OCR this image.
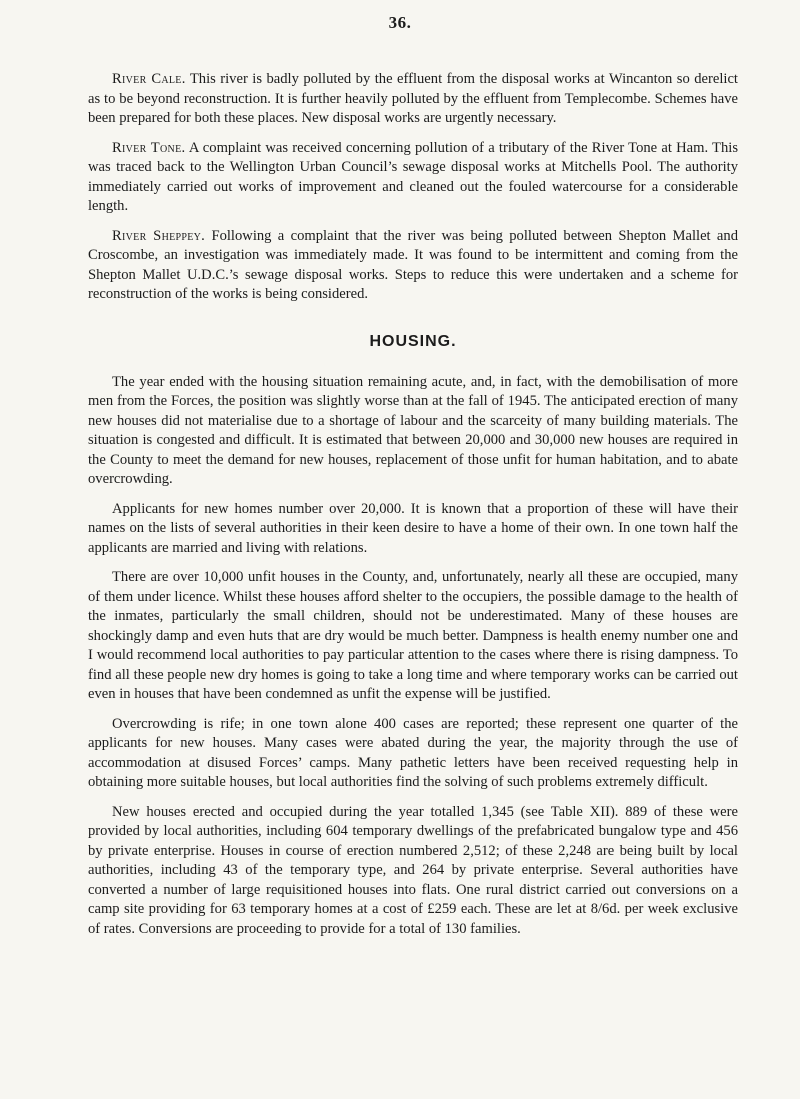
36.

River Cale. This river is badly polluted by the effluent from the disposal works at Wincanton so derelict as to be beyond reconstruction. It is further heavily polluted by the effluent from Templecombe. Schemes have been prepared for both these places. New disposal works are urgently necessary.

River Tone. A complaint was received concerning pollution of a tributary of the River Tone at Ham. This was traced back to the Wellington Urban Council’s sewage disposal works at Mitchells Pool. The authority immediately carried out works of improvement and cleaned out the fouled watercourse for a considerable length.

River Sheppey. Following a complaint that the river was being polluted between Shepton Mallet and Croscombe, an investigation was immediately made. It was found to be intermittent and coming from the Shepton Mallet U.D.C.’s sewage disposal works. Steps to reduce this were undertaken and a scheme for reconstruction of the works is being considered.

HOUSING.

The year ended with the housing situation remaining acute, and, in fact, with the demobilisation of more men from the Forces, the position was slightly worse than at the fall of 1945. The anticipated erection of many new houses did not materialise due to a shortage of labour and the scarceity of many building materials. The situation is congested and difficult. It is estimated that between 20,000 and 30,000 new houses are required in the County to meet the demand for new houses, replacement of those unfit for human habitation, and to abate overcrowding.

Applicants for new homes number over 20,000. It is known that a proportion of these will have their names on the lists of several authorities in their keen desire to have a home of their own. In one town half the applicants are married and living with relations.

There are over 10,000 unfit houses in the County, and, unfortunately, nearly all these are occupied, many of them under licence. Whilst these houses afford shelter to the occupiers, the possible damage to the health of the inmates, particularly the small children, should not be underestimated. Many of these houses are shockingly damp and even huts that are dry would be much better. Dampness is health enemy number one and I would recommend local authorities to pay particular attention to the cases where there is rising dampness. To find all these people new dry homes is going to take a long time and where temporary works can be carried out even in houses that have been condemned as unfit the expense will be justified.

Overcrowding is rife; in one town alone 400 cases are reported; these represent one quarter of the applicants for new houses. Many cases were abated during the year, the majority through the use of accommodation at disused Forces’ camps. Many pathetic letters have been received requesting help in obtaining more suitable houses, but local authorities find the solving of such problems extremely difficult.

New houses erected and occupied during the year totalled 1,345 (see Table XII). 889 of these were provided by local authorities, including 604 temporary dwellings of the prefabricated bungalow type and 456 by private enterprise. Houses in course of erection numbered 2,512; of these 2,248 are being built by local authorities, including 43 of the temporary type, and 264 by private enterprise. Several authorities have converted a number of large requisitioned houses into flats. One rural district carried out conversions on a camp site providing for 63 temporary homes at a cost of £259 each. These are let at 8/6d. per week exclusive of rates. Conversions are proceeding to provide for a total of 130 families.
